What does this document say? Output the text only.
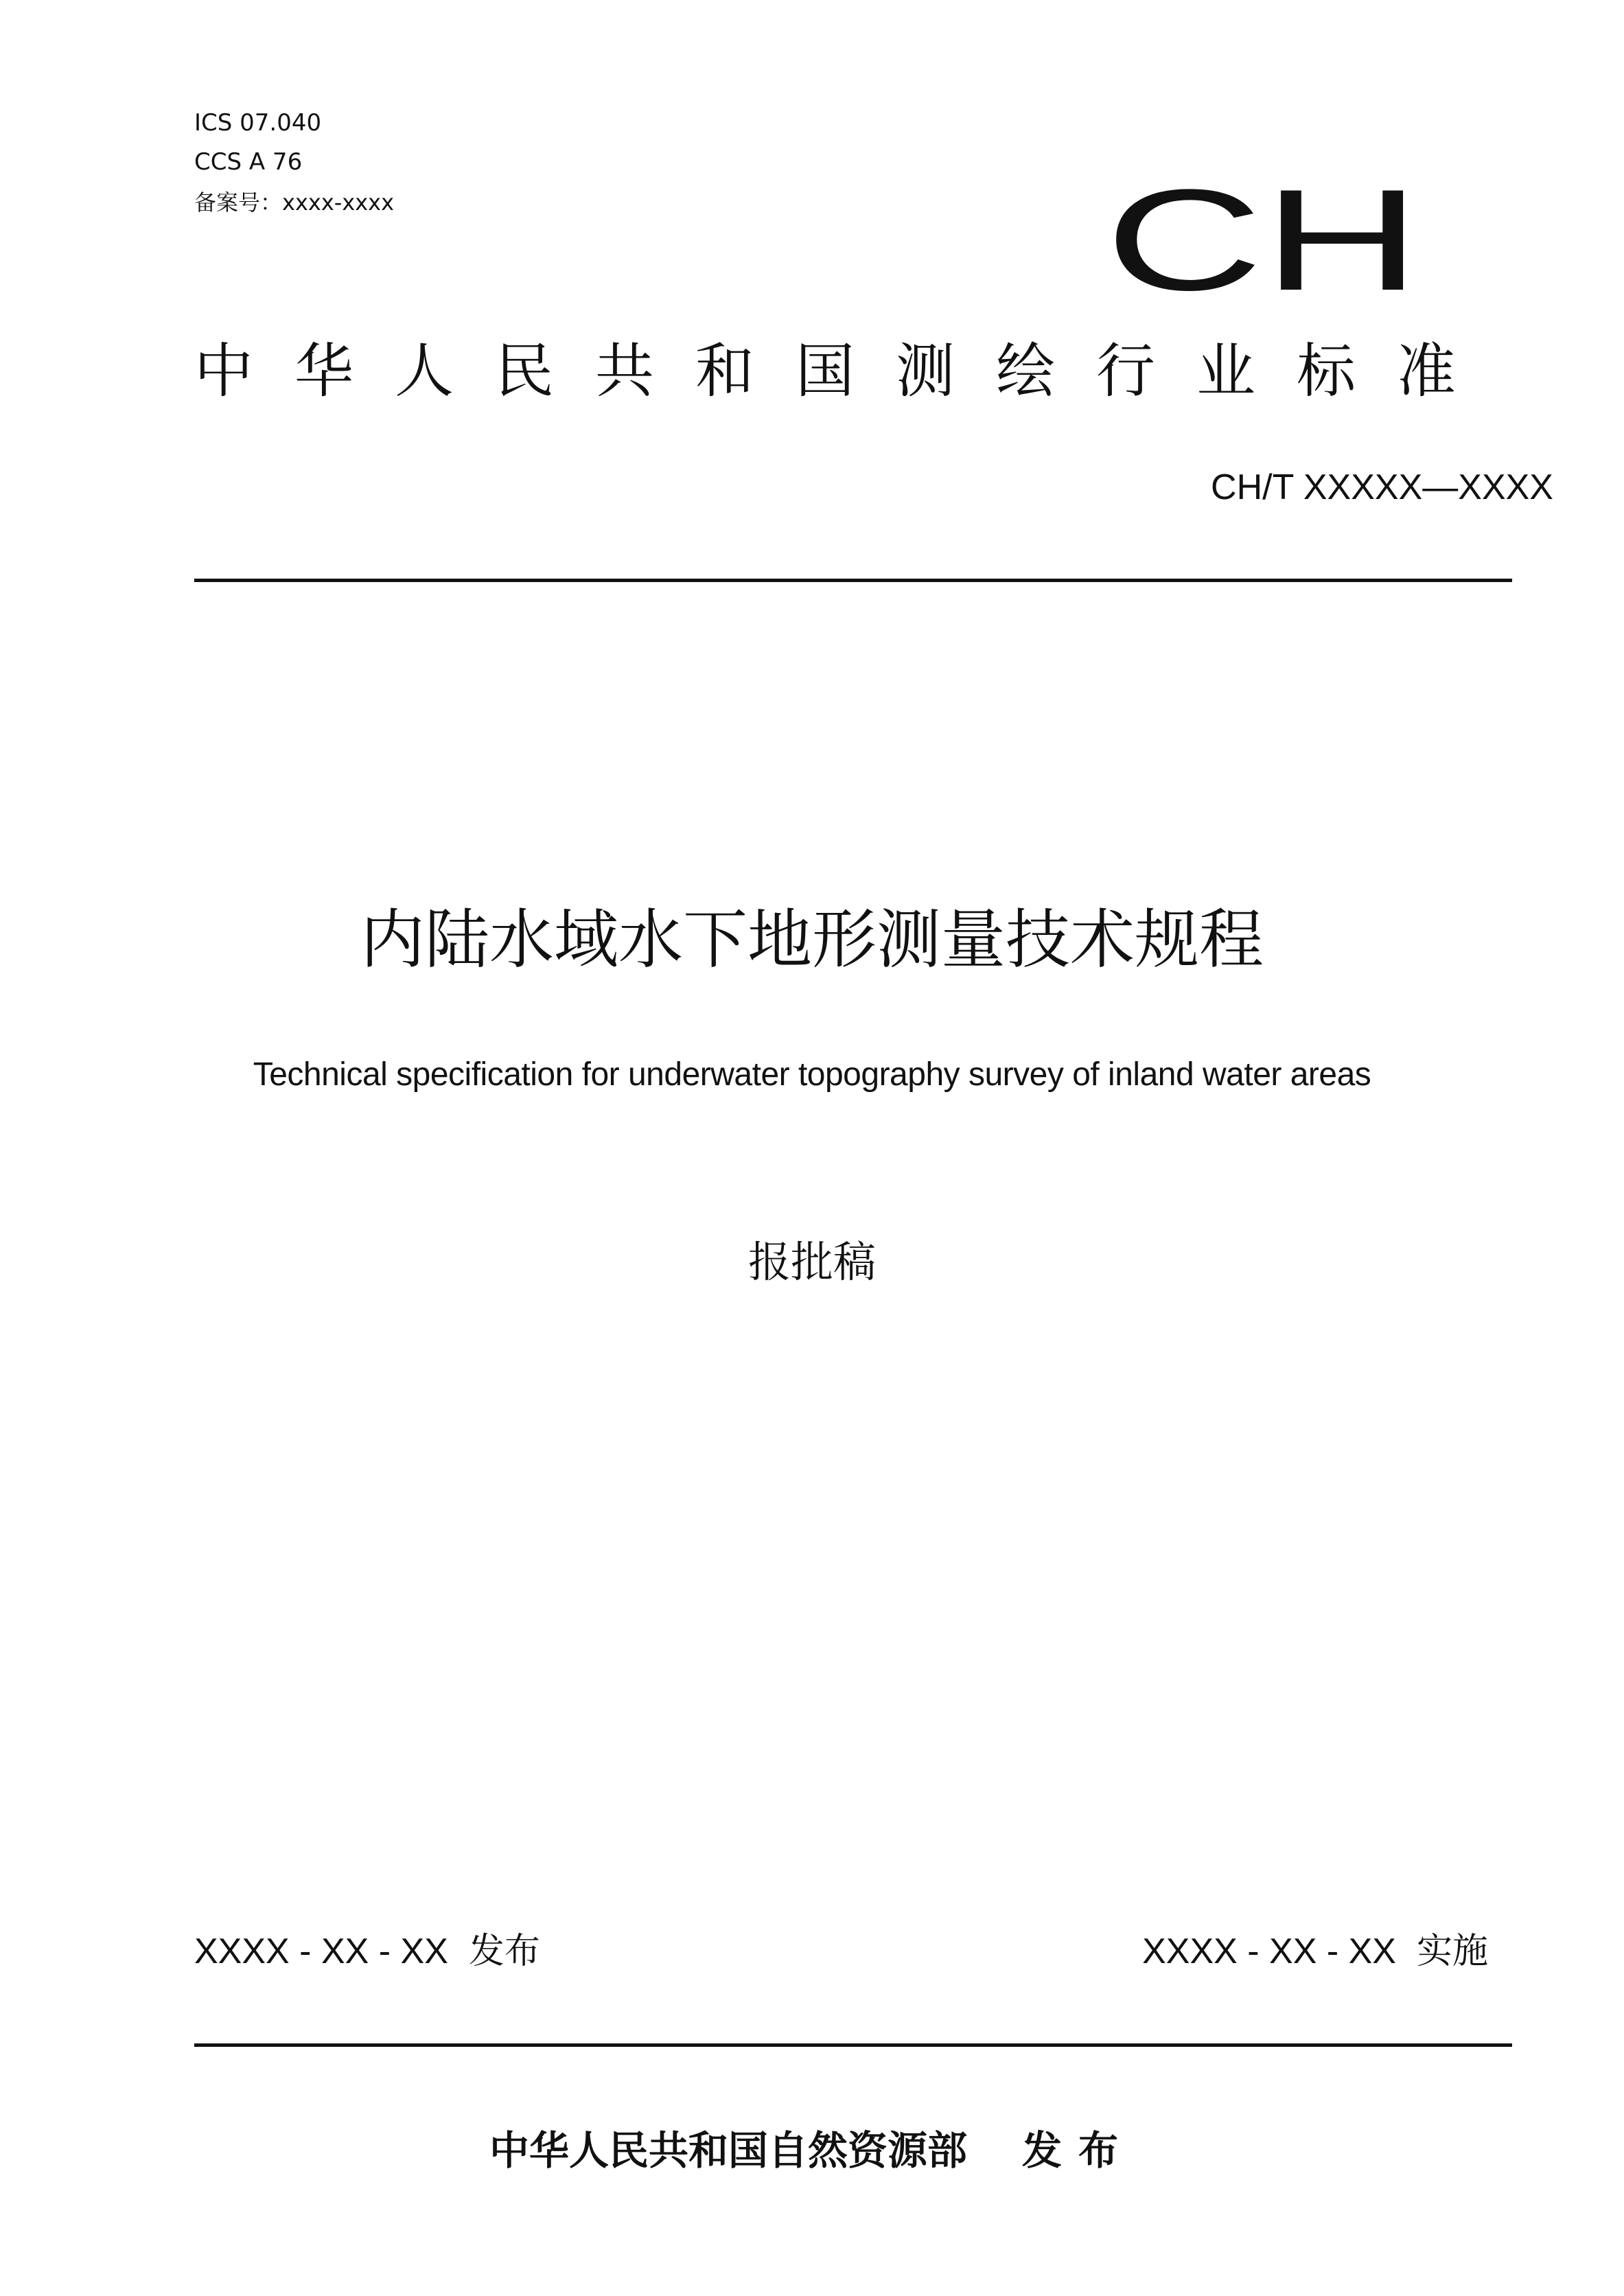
ICS 07.040
CCS A 76
备案号：xxxx-xxxx	CH
中 华 人 民 共 和 国 测 绘 行 业 标 准
CH/T XXXXX—XXXX
内陆水域水下地形测量技术规程
Technical specification for underwater topography survey of inland water areas
报批稿
XXXX - XX - XX 发布	XXXX - XX - XX 实施
中华人民共和国自然资源部 发布
